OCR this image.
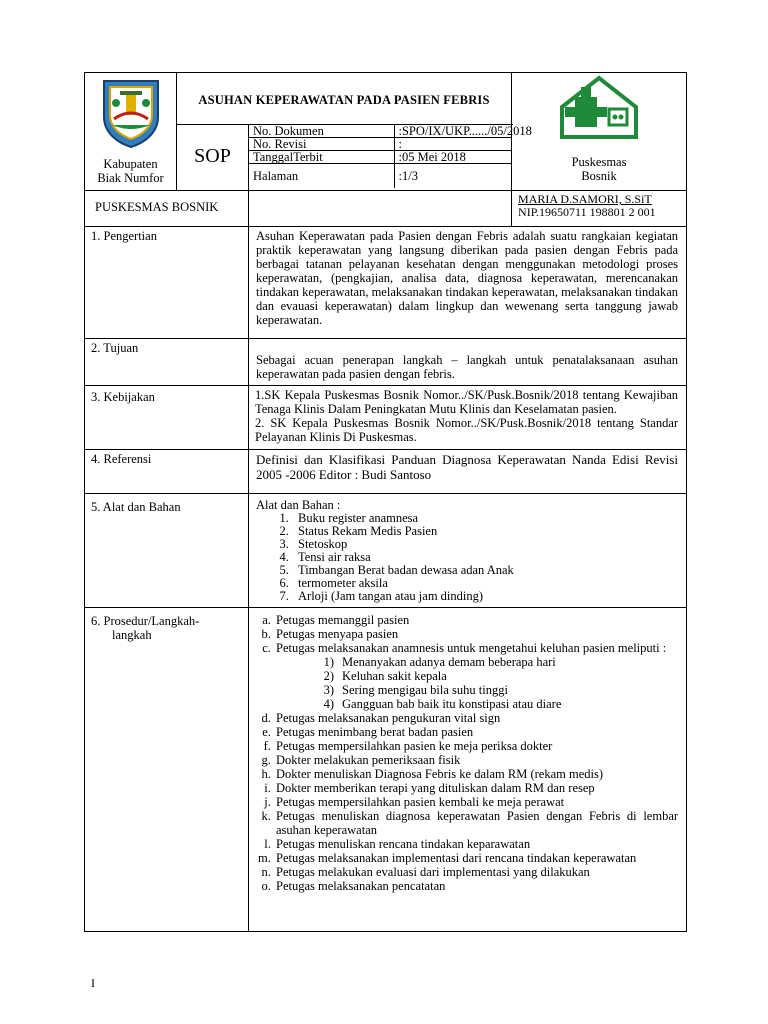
Kabupaten
Biak Numfor
	ASUHAN KEPERAWATAN PADA PASIEN FEBRIS	
Puskesmas
Bosnik

SOP	
No. Dokumen	:SPO/IX/UKP....../05/2018
No. Revisi	:
TanggalTerbit	:05 Mei 2018
Halaman	:1/3

PUSKESMAS BOSNIK	

MARIA D.SAMORI, S.SiT
NIP.19650711 198801 2 001

1. Pengertian	Asuhan Keperawatan pada Pasien dengan Febris adalah suatu rangkaian kegiatan praktik keperawatan yang langsung diberikan pada pasien dengan Febris pada berbagai tatanan pelayanan kesehatan dengan menggunakan metodologi proses keperawatan, (pengkajian, analisa data, diagnosa keperawatan, merencanakan tindakan keperawatan, melaksanakan tindakan keperawatan, melaksanakan tindakan dan evauasi keperawatan) dalam lingkup dan wewenang serta tanggung jawab keperawatan.
2. Tujuan	Sebagai acuan penerapan langkah – langkah untuk penatalaksanaan asuhan keperawatan pada pasien dengan febris.
3. Kebijakan	1.SK Kepala Puskesmas Bosnik Nomor../SK/Pusk.Bosnik/2018 tentang Kewajiban Tenaga Klinis Dalam Peningkatan Mutu Klinis dan Keselamatan pasien.
2. SK Kepala Puskesmas Bosnik Nomor../SK/Pusk.Bosnik/2018 tentang Standar Pelayanan Klinis Di Puskesmas.

4. Referensi	Definisi dan Klasifikasi Panduan Diagnosa Keperawatan Nanda Edisi Revisi 2005 -2006 Editor : Budi Santoso
5. Alat dan Bahan	Alat dan Bahan :
1. Buku register anamnesa
2. Status Rekam Medis Pasien
3. Stetoskop
4. Tensi air raksa
5. Timbangan Berat badan dewasa adan Anak
6. termometer aksila
7. Arloji (Jam tangan atau jam dinding)

6. Prosedur/Langkah-
langkah

a. Petugas memanggil pasien
b. Petugas menyapa pasien
c. Petugas melaksanakan anamnesis untuk mengetahui keluhan pasien meliputi :
1) Menanyakan adanya demam beberapa hari
2) Keluhan sakit kepala
3) Sering mengigau bila suhu tinggi
4) Gangguan bab baik itu konstipasi atau diare
d. Petugas melaksanakan pengukuran vital sign
e. Petugas menimbang berat badan pasien
f. Petugas mempersilahkan pasien ke meja periksa dokter
g. Dokter melakukan pemeriksaan fisik
h. Dokter menuliskan Diagnosa Febris ke dalam RM (rekam medis)
i. Dokter memberikan terapi yang dituliskan dalam RM dan resep
j. Petugas mempersilahkan pasien kembali ke meja perawat
k. Petugas menuliskan diagnosa keperawatan Pasien dengan Febris di lembar asuhan keperawatan
l. Petugas menuliskan rencana tindakan keparawatan
m. Petugas melaksanakan implementasi dari rencana tindakan keperawatan
n. Petugas melakukan evaluasi dari implementasi yang dilakukan
o. Petugas melaksanakan pencatatan
I
